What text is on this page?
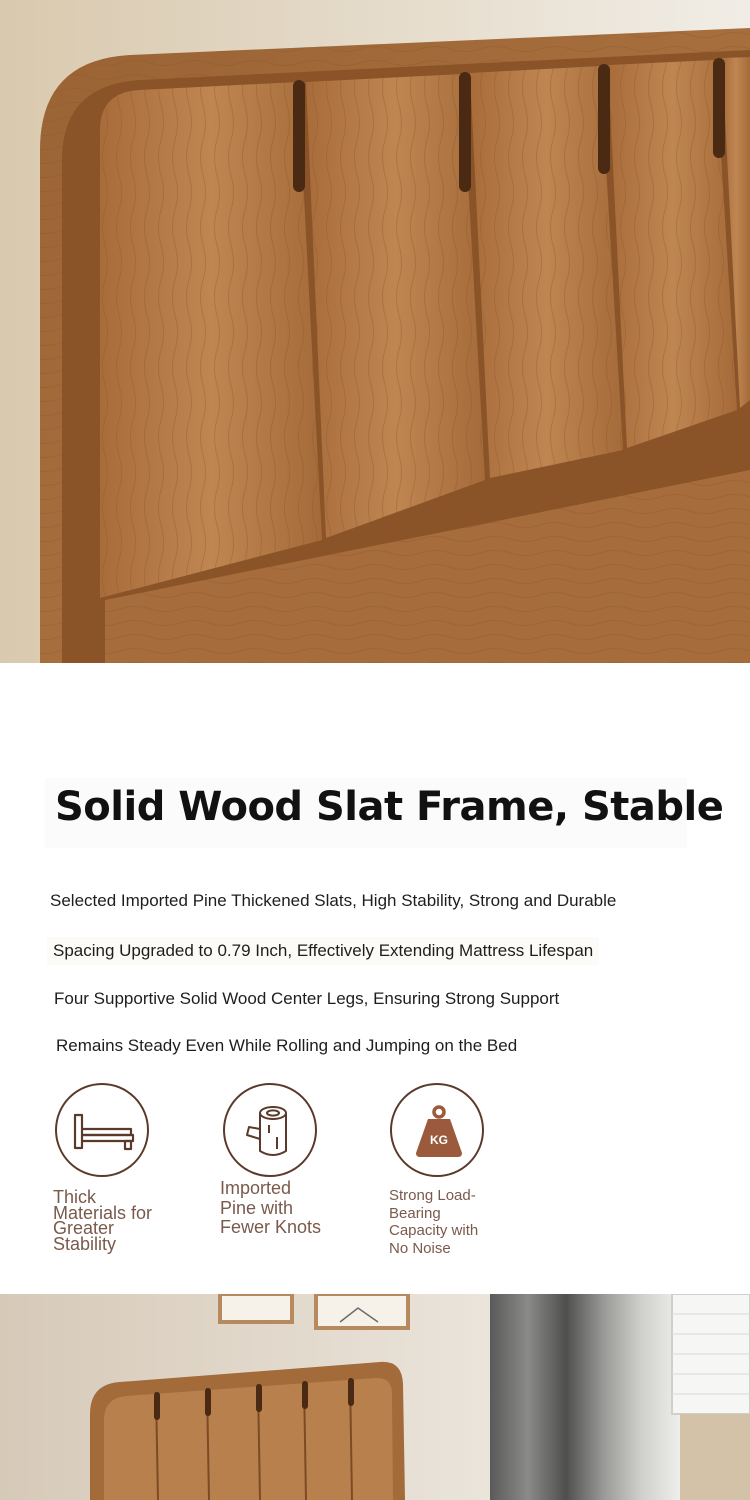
Solid Wood Slat Frame, Stable
Selected Imported Pine Thickened Slats, High Stability, Strong and Durable
Spacing Upgraded to 0.79 Inch, Effectively Extending Mattress Lifespan
Four Supportive Solid Wood Center Legs, Ensuring Strong Support
Remains Steady Even While Rolling and Jumping on the Bed
Thick Materials for Greater Stability
Imported Pine with Fewer Knots
KG
Strong Load-Bearing Capacity with No Noise
